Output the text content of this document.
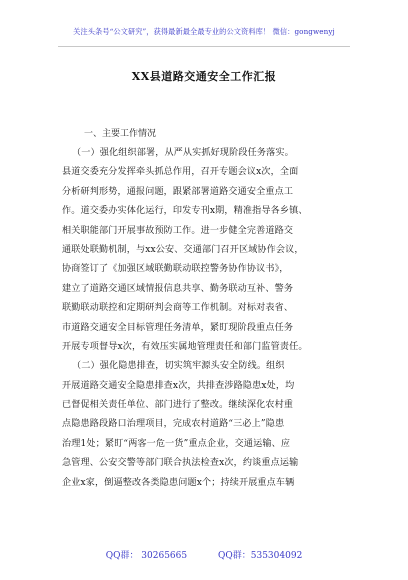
关注头条号“公文研究”，获得最新最全最专业的公文资料库！ 微信：gongwenyj
XX县道路交通安全工作汇报
一、主要工作情况
（一）强化组织部署，从严从实抓好现阶段任务落实。
县道交委充分发挥牵头抓总作用，召开专题会议x次，全面
分析研判形势，通报问题，跟紧部署道路交通安全重点工
作。道交委办实体化运行，印发专刊x期，精准指导各乡镇、
相关职能部门开展事故预防工作。进一步健全完善道路交
通联处联勤机制，与xx公安、交通部门召开区域协作会议，
协商签订了《加强区域联勤联动联控警务协作协议书》，
建立了道路交通区域情报信息共享、勤务联动互补、警务
联勤联动联控和定期研判会商等工作机制。对标对表省、
市道路交通安全目标管理任务清单，紧盯现阶段重点任务
开展专项督导x次，有效压实属地管理责任和部门监管责任。
（二）强化隐患排查，切实筑牢源头安全防线。组织
开展道路交通安全隐患排查x次，共排查涉路隐患x处，均
已督促相关责任单位、部门进行了整改。继续深化农村重
点隐患路段路口治理项目，完成农村道路“三必上”隐患
治理1处；紧盯“两客一危一货”重点企业，交通运输、应
急管理、公安交警等部门联合执法检查x次，约谈重点运输
企业x家，倒逼整改各类隐患问题x个；持续开展重点车辆
QQ群： 30265665	QQ群：535304092
